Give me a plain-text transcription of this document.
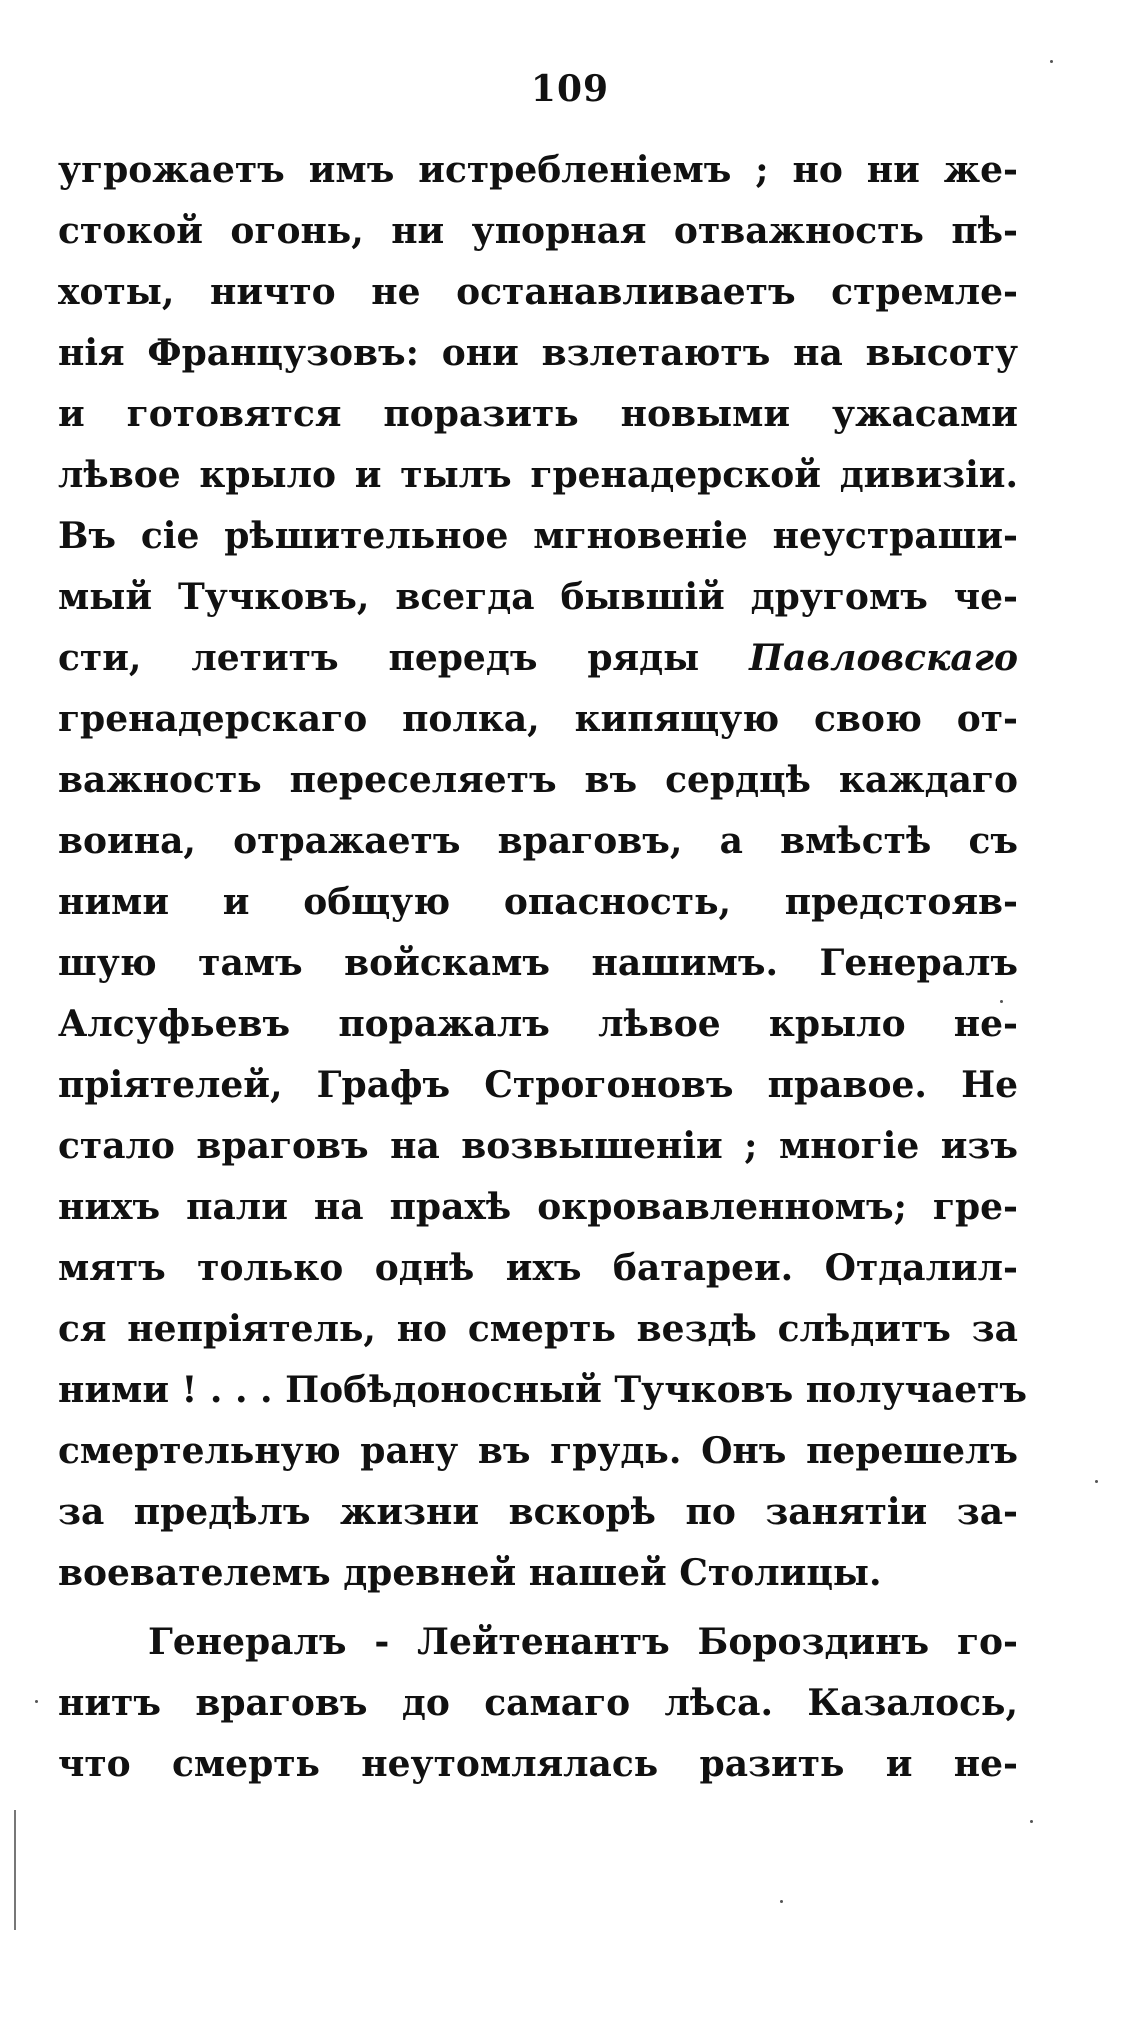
109
угрожаетъ имъ истребленіемъ ; но ни же-
стокой огонь, ни упорная отважность пѣ-
хоты, ничто не останавливаетъ стремле-
нія Французовъ: они взлетаютъ на высоту
и готовятся поразить новыми ужасами
лѣвое крыло и тылъ гренадерской дивизіи.
Въ сіе рѣшительное мгновеніе неустраши-
мый Тучковъ, всегда бывшій другомъ че-
сти, летитъ передъ ряды Павловскаго
гренадерскаго полка, кипящую свою от-
важность переселяетъ въ сердцѣ каждаго
воина, отражаетъ враговъ, а вмѣстѣ съ
ними и общую опасность, предстояв-
шую тамъ войскамъ нашимъ. Генералъ
Алсуфьевъ поражалъ лѣвое крыло не-
пріятелей, Графъ Строгоновъ правое. Не
стало враговъ на возвышеніи ; многіе изъ
нихъ пали на прахѣ окровавленномъ; гре-
мятъ только однѣ ихъ батареи. Отдалил-
ся непріятель, но смерть вездѣ слѣдитъ за
ними ! . . . Побѣдоносный Тучковъ получаетъ
смертельную рану въ грудь. Онъ перешелъ
за предѣлъ жизни вскорѣ по занятіи за-
воевателемъ древней нашей Столицы.
Генералъ - Лейтенантъ Бороздинъ го-
нитъ враговъ до самаго лѣса. Казалось,
что смерть неутомлялась разить и не-
